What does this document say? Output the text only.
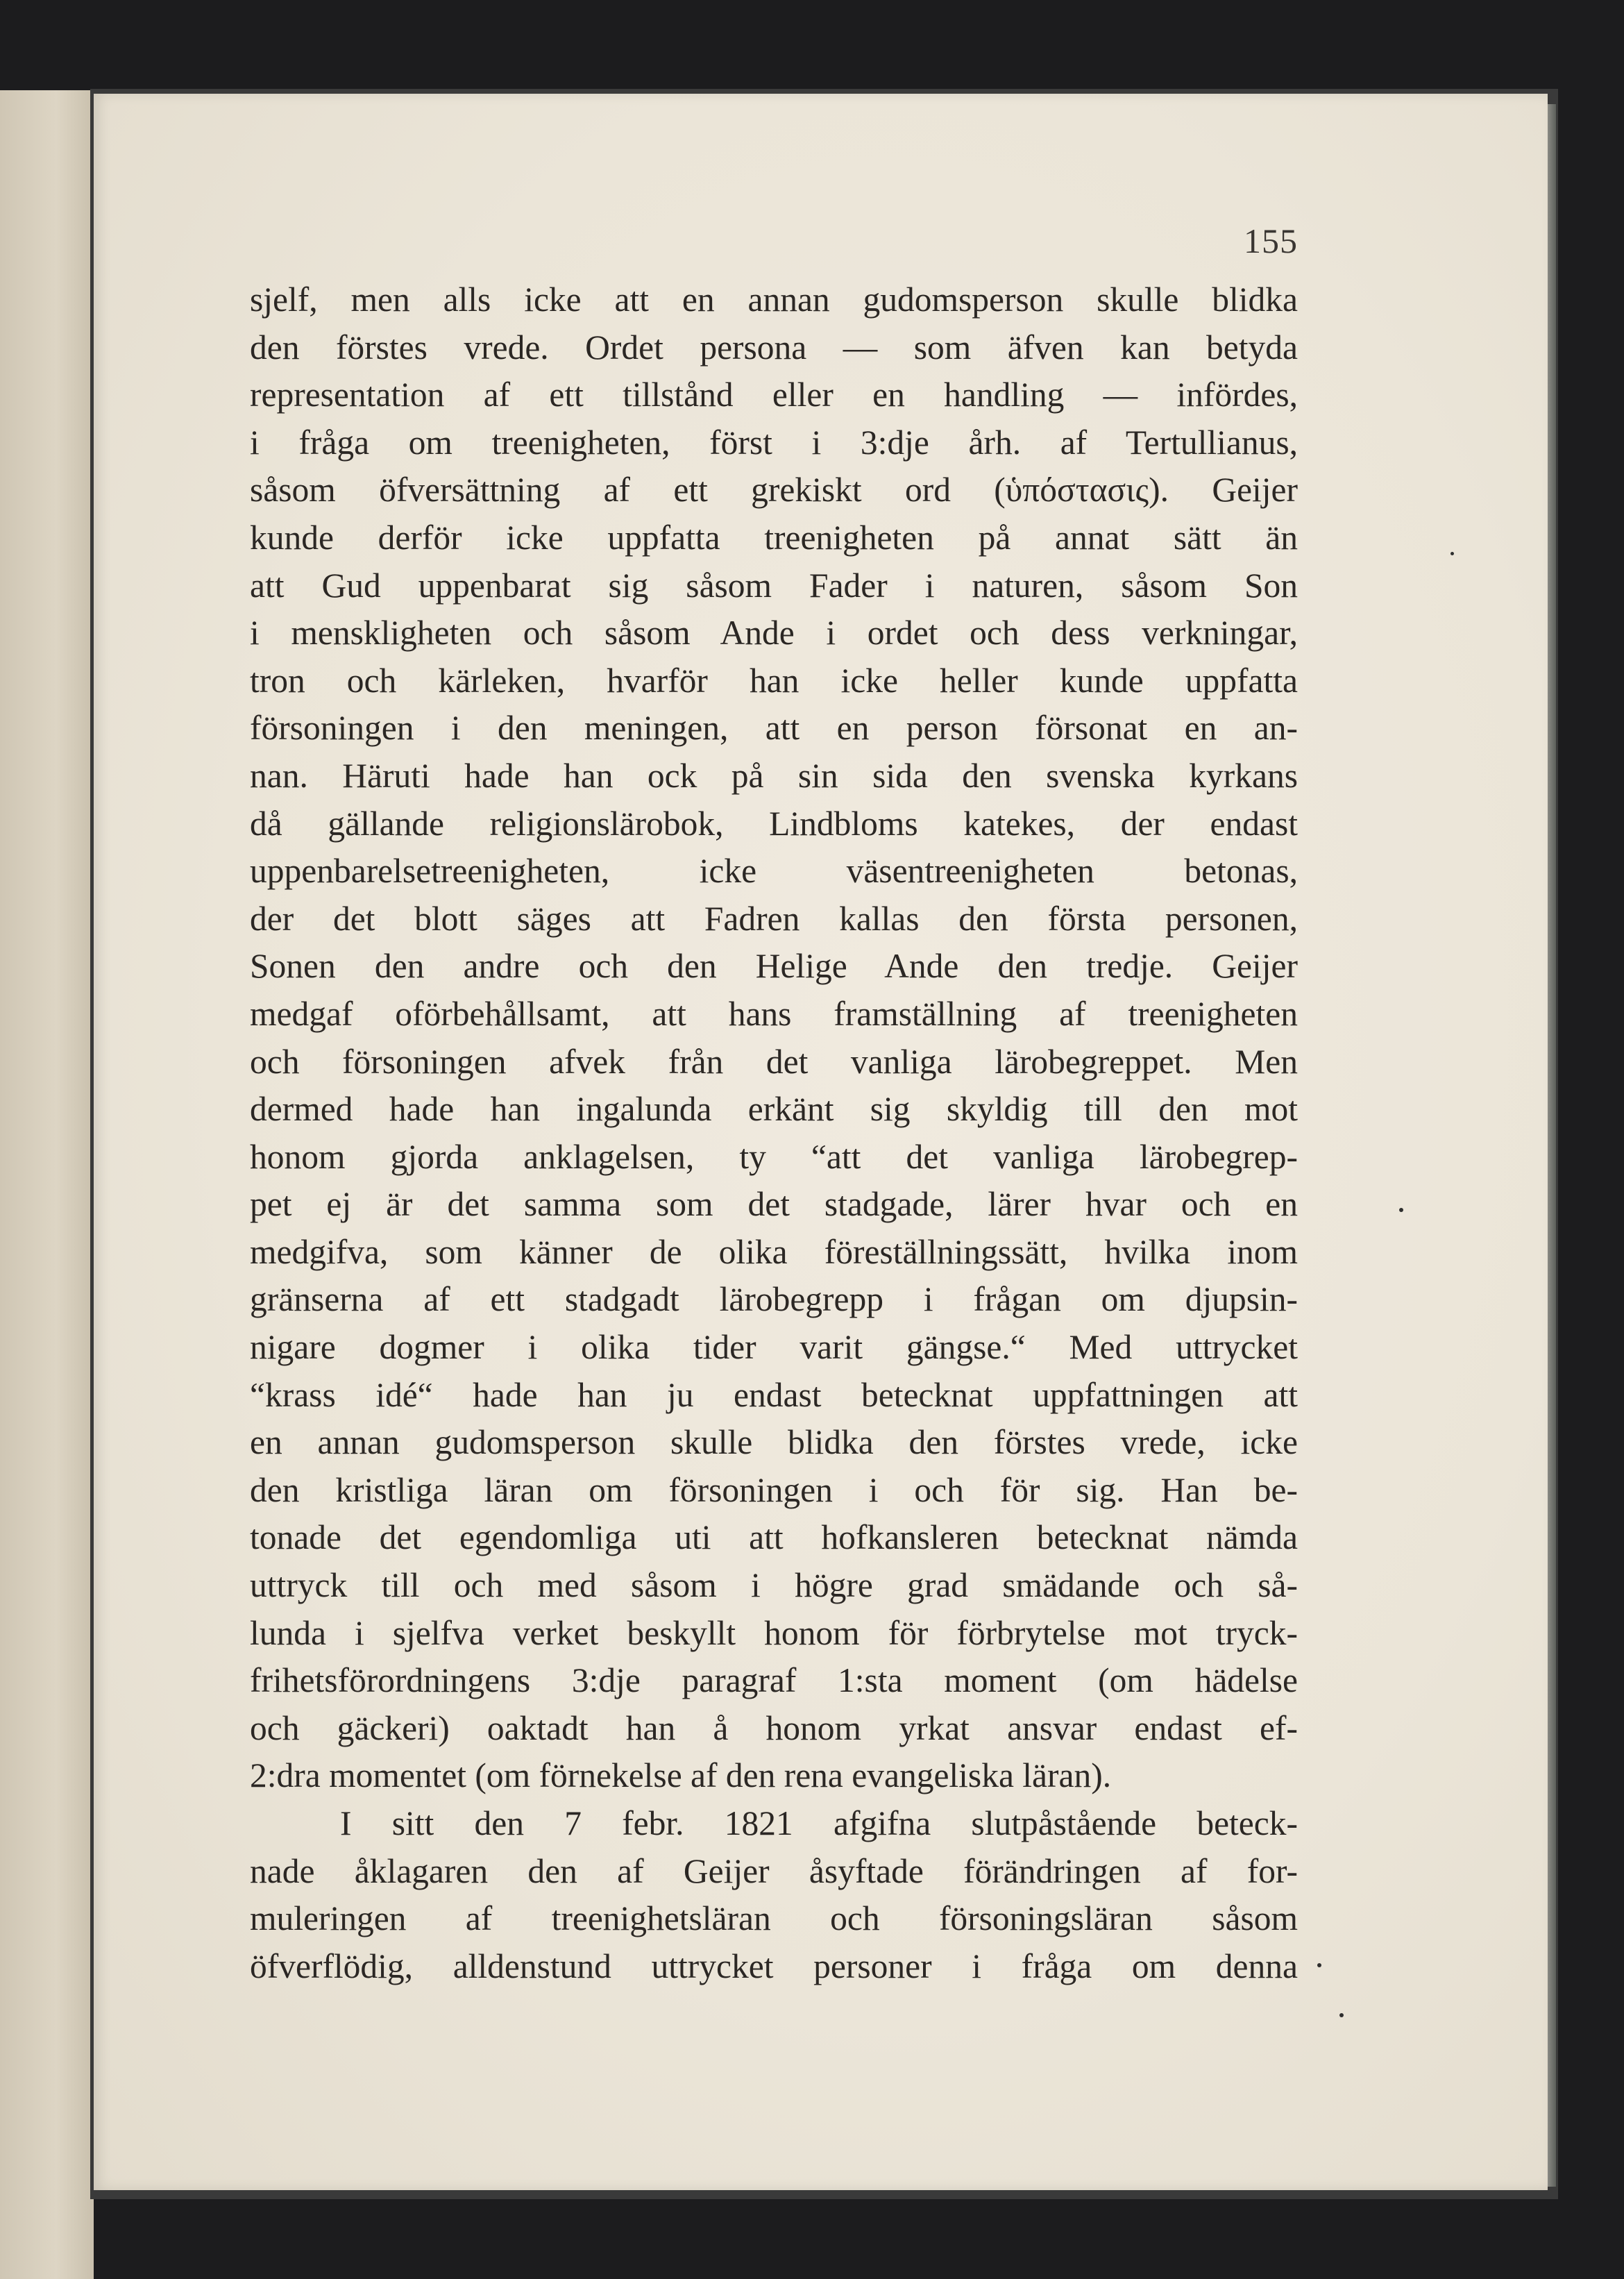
155
sjelf, men alls icke att en annan gudomsperson skulle blidka
den förstes vrede. Ordet persona — som äfven kan betyda
representation af ett tillstånd eller en handling — infördes,
i fråga om treenigheten, först i 3:dje årh. af Tertullianus,
såsom öfversättning af ett grekiskt ord (ὑπόστασις). Geijer
kunde derför icke uppfatta treenigheten på annat sätt än
att Gud uppenbarat sig såsom Fader i naturen, såsom Son
i menskligheten och såsom Ande i ordet och dess verkningar,
tron och kärleken, hvarför han icke heller kunde uppfatta
försoningen i den meningen, att en person försonat en an-
nan. Häruti hade han ock på sin sida den svenska kyrkans
då gällande religionslärobok, Lindbloms katekes, der endast
uppenbarelsetreenigheten, icke väsentreenigheten betonas,
der det blott säges att Fadren kallas den första personen,
Sonen den andre och den Helige Ande den tredje. Geijer
medgaf oförbehållsamt, att hans framställning af treenigheten
och försoningen afvek från det vanliga lärobegreppet. Men
dermed hade han ingalunda erkänt sig skyldig till den mot
honom gjorda anklagelsen, ty “att det vanliga lärobegrep-
pet ej är det samma som det stadgade, lärer hvar och en
medgifva, som känner de olika föreställningssätt, hvilka inom
gränserna af ett stadgadt lärobegrepp i frågan om djupsin-
nigare dogmer i olika tider varit gängse.“ Med uttrycket
“krass idé“ hade han ju endast betecknat uppfattningen att
en annan gudomsperson skulle blidka den förstes vrede, icke
den kristliga läran om försoningen i och för sig. Han be-
tonade det egendomliga uti att hofkansleren betecknat nämda
uttryck till och med såsom i högre grad smädande och så-
lunda i sjelfva verket beskyllt honom för förbrytelse mot tryck-
frihetsförordningens 3:dje paragraf 1:sta moment (om hädelse
och gäckeri) oaktadt han å honom yrkat ansvar endast ef-
2:dra momentet (om förnekelse af den rena evangeliska läran).
I sitt den 7 febr. 1821 afgifna slutpåstående beteck-
nade åklagaren den af Geijer åsyftade förändringen af for-
muleringen af treenighetsläran och försoningsläran såsom
öfverflödig, alldenstund uttrycket personer i fråga om denna
